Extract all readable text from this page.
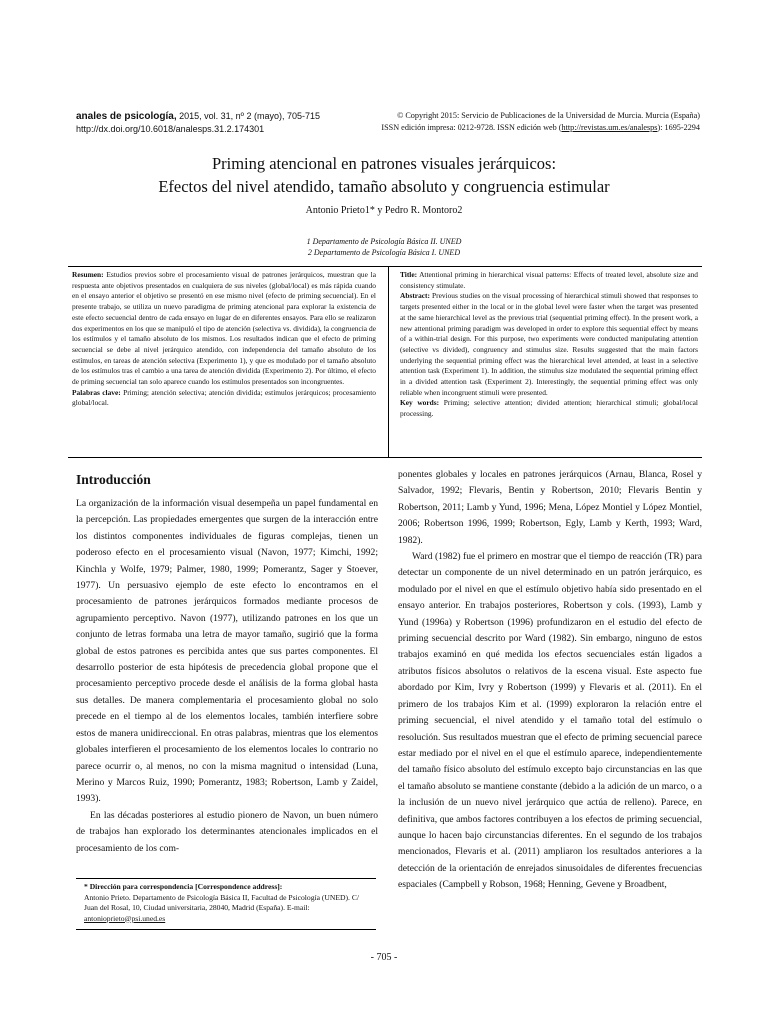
anales de psicología, 2015, vol. 31, nº 2 (mayo), 705-715
http://dx.doi.org/10.6018/analesps.31.2.174301
© Copyright 2015: Servicio de Publicaciones de la Universidad de Murcia. Murcia (España)
ISSN edición impresa: 0212-9728. ISSN edición web (http://revistas.um.es/analesps): 1695-2294
Priming atencional en patrones visuales jerárquicos:
Efectos del nivel atendido, tamaño absoluto y congruencia estimular
Antonio Prieto1* y Pedro R. Montoro2
1 Departamento de Psicología Básica II. UNED
2 Departamento de Psicología Básica I. UNED
Resumen: Estudios previos sobre el procesamiento visual de patrones jerárquicos, muestran que la respuesta ante objetivos presentados en cualquiera de sus niveles (global/local) es más rápida cuando en el ensayo anterior el objetivo se presentó en ese mismo nivel (efecto de priming secuencial). En el presente trabajo, se utiliza un nuevo paradigma de priming atencional para explorar la existencia de este efecto secuencial dentro de cada ensayo en lugar de en diferentes ensayos. Para ello se realizaron dos experimentos en los que se manipuló el tipo de atención (selectiva vs. dividida), la congruencia de los estímulos y el tamaño absoluto de los mismos. Los resultados indican que el efecto de priming secuencial se debe al nivel jerárquico atendido, con independencia del tamaño absoluto de los estímulos, en tareas de atención selectiva (Experimento 1), y que es modulado por el tamaño absoluto de los estímulos tras el cambio a una tarea de atención dividida (Experimento 2). Por último, el efecto de priming secuencial tan solo aparece cuando los estímulos presentados son incongruentes.
Palabras clave: Priming; atención selectiva; atención dividida; estímulos jerárquicos; procesamiento global/local.
Title: Attentional priming in hierarchical visual patterns: Effects of treated level, absolute size and consistency stimulate.
Abstract: Previous studies on the visual processing of hierarchical stimuli showed that responses to targets presented either in the local or in the global level were faster when the target was presented at the same hierarchical level as the previous trial (sequential priming effect). In the present work, a new attentional priming paradigm was developed in order to explore this sequential effect by means of a within-trial design. For this purpose, two experiments were conducted manipulating attention (selective vs divided), congruency and stimulus size. Results suggested that the main factors underlying the sequential priming effect was the hierarchical level attended, at least in a selective attention task (Experiment 1). In addition, the stimulus size modulated the sequential priming effect in a divided attention task (Experiment 2). Interestingly, the sequential priming effect was only reliable when incongruent stimuli were presented.
Key words: Priming; selective attention; divided attention; hierarchical stimuli; global/local processing.
Introducción

La organización de la información visual desempeña un papel fundamental en la percepción. Las propiedades emergentes que surgen de la interacción entre los distintos componentes individuales de figuras complejas, tienen un poderoso efecto en el procesamiento visual (Navon, 1977; Kimchi, 1992; Kinchla y Wolfe, 1979; Palmer, 1980, 1999; Pomerantz, Sager y Stoever, 1977). Un persuasivo ejemplo de este efecto lo encontramos en el procesamiento de patrones jerárquicos formados mediante procesos de agrupamiento perceptivo. Navon (1977), utilizando patrones en los que un conjunto de letras formaba una letra de mayor tamaño, sugirió que la forma global de estos patrones es percibida antes que sus partes componentes. El desarrollo posterior de esta hipótesis de precedencia global propone que el procesamiento perceptivo procede desde el análisis de la forma global hasta sus detalles. De manera complementaria el procesamiento global no solo precede en el tiempo al de los elementos locales, también interfiere sobre estos de manera unidireccional. En otras palabras, mientras que los elementos globales interfieren el procesamiento de los elementos locales lo contrario no parece ocurrir o, al menos, no con la misma magnitud o intensidad (Luna, Merino y Marcos Ruiz, 1990; Pomerantz, 1983; Robertson, Lamb y Zaidel, 1993).

En las décadas posteriores al estudio pionero de Navon, un buen número de trabajos han explorado los determinantes atencionales implicados en el procesamiento de los com-

ponentes globales y locales en patrones jerárquicos (Arnau, Blanca, Rosel y Salvador, 1992; Flevaris, Bentin y Robertson, 2010; Flevaris Bentin y Robertson, 2011; Lamb y Yund, 1996; Mena, López Montiel y López Montiel, 2006; Robertson 1996, 1999; Robertson, Egly, Lamb y Kerth, 1993; Ward, 1982).

Ward (1982) fue el primero en mostrar que el tiempo de reacción (TR) para detectar un componente de un nivel determinado en un patrón jerárquico, es modulado por el nivel en que el estímulo objetivo había sido presentado en el ensayo anterior. En trabajos posteriores, Robertson y cols. (1993), Lamb y Yund (1996a) y Robertson (1996) profundizaron en el estudio del efecto de priming secuencial descrito por Ward (1982). Sin embargo, ninguno de estos trabajos examinó en qué medida los efectos secuenciales están ligados a atributos físicos absolutos o relativos de la escena visual. Este aspecto fue abordado por Kim, Ivry y Robertson (1999) y Flevaris et al. (2011). En el primero de los trabajos Kim et al. (1999) exploraron la relación entre el priming secuencial, el nivel atendido y el tamaño total del estímulo o resolución. Sus resultados muestran que el efecto de priming secuencial parece estar mediado por el nivel en el que el estímulo aparece, independientemente del tamaño físico absoluto del estímulo excepto bajo circunstancias en las que el tamaño absoluto se mantiene constante (debido a la adición de un marco, o a la inclusión de un nuevo nivel jerárquico que actúa de relleno). Parece, en definitiva, que ambos factores contribuyen a los efectos de priming secuencial, aunque lo hacen bajo circunstancias diferentes. En el segundo de los trabajos mencionados, Flevaris et al. (2011) ampliaron los resultados anteriores a la detección de la orientación de enrejados sinusoidales de diferentes frecuencias espaciales (Campbell y Robson, 1968; Henning, Gevene y Broadbent,

* Dirección para correspondencia [Correspondence address]:
Antonio Prieto. Departamento de Psicología Básica II, Facultad de Psicología (UNED). C/ Juan del Rosal, 10, Ciudad universitaria, 28040, Madrid (España). E-mail: antonioprieto@psi.uned.es
- 705 -
